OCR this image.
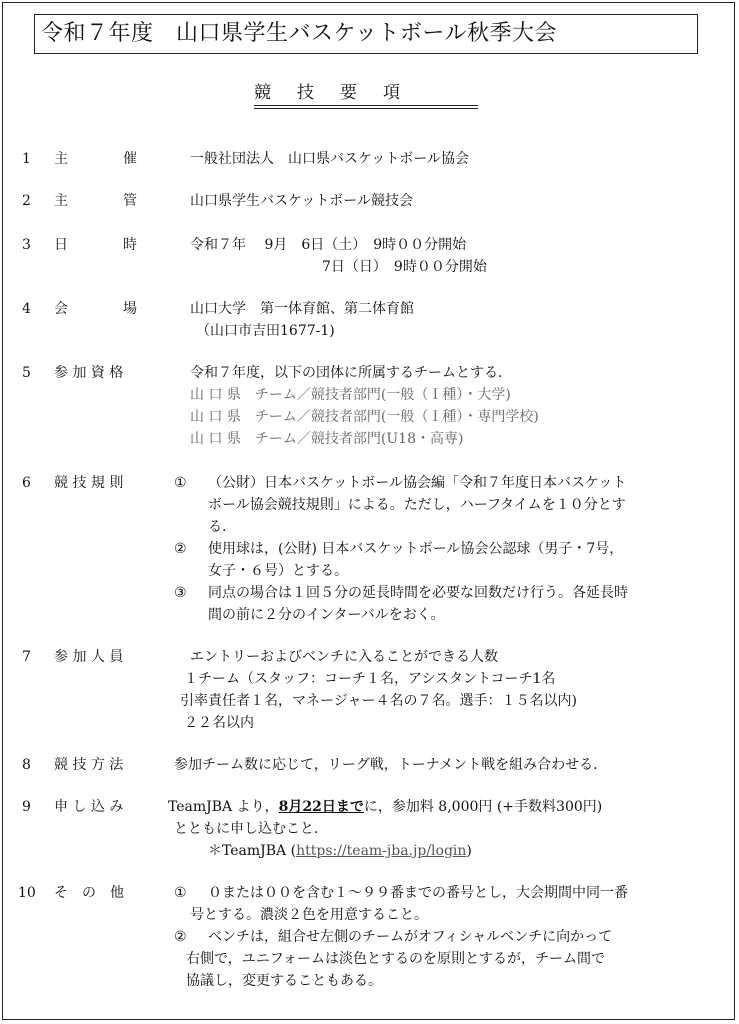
令和７年度　山口県学生バスケットボール秋季大会
競技要項
1 主	催	一般社団法人　山口県バスケットボール協会
2 主	管	山口県学生バスケットボール競技会
3 日	時	令和７年　 9月　6日（土）　9時００分開始
7日（日）　9時００分開始
4 会	場	山口大学　第一体育館、第二体育館
（山口市吉田1677-1)
5 参 加 資 格	令和７年度，以下の団体に所属するチームとする.
山 口 県　チーム／競技者部門(一般（Ｉ種）・大学)
山 口 県　チーム／競技者部門(一般（Ｉ種）・専門学校)
山 口 県　チーム／競技者部門(U18・高専)
6 競 技 規 則	① （公財）日本バスケットボール協会編「令和７年度日本バスケット
ボール協会競技規則」による。ただし，ハーフタイムを１０分とす
る.
② 使用球は，(公財) 日本バスケットボール協会公認球（男子・7号，
女子・６号）とする。
③ 同点の場合は１回５分の延長時間を必要な回数だけ行う。各延長時
間の前に２分のインターバルをおく。
7 参 加 人 員	エントリーおよびベンチに入ることができる人数
１チーム（スタッフ：コーチ１名，アシスタントコーチ1名
引率責任者１名，マネージャー４名の７名。選手：１５名以内)
２２名以内
8 競 技 方 法	参加チーム数に応じて，リーグ戦，トーナメント戦を組み合わせる.
9 申 し 込 み	TeamJBA より，8月22日までに，参加料 8,000円 (+手数料300円)
とともに申し込むこと.
＊TeamJBA (https://team-jba.jp/login)
10 そ　の　他	① ０または００を含む１～９９番までの番号とし，大会期間中同一番
号とする。濃淡２色を用意すること。
② ベンチは，組合せ左側のチームがオフィシャルベンチに向かって
右側で，ユニフォームは淡色とするのを原則とするが，チーム間で
協議し，変更することもある。
